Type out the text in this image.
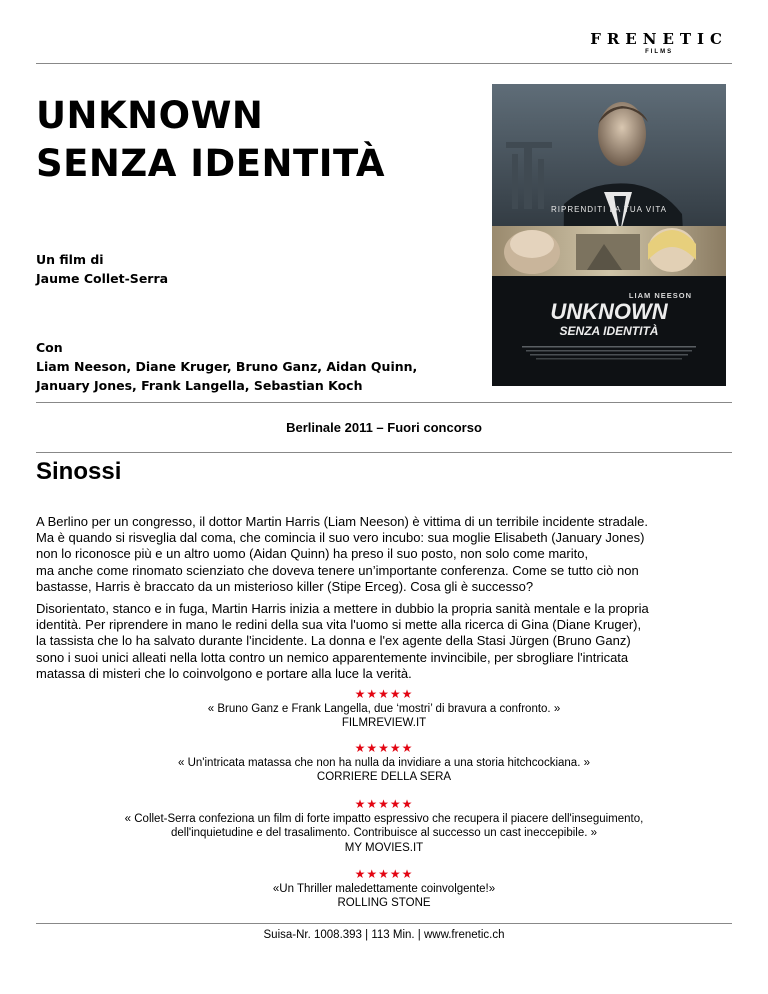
FRENETIC
FILMS
UNKNOWN
SENZA IDENTITÀ
Un film di
Jaume Collet-Serra
Con
Liam Neeson, Diane Kruger, Bruno Ganz, Aidan Quinn,
January Jones, Frank Langella, Sebastian Koch
RIPRENDITI LA TUA VITA
LIAM NEESON
UNKNOWN
SENZA IDENTITÀ
Berlinale 2011 – Fuori concorso
Sinossi
A Berlino per un congresso, il dottor Martin Harris (Liam Neeson) è vittima di un terribile incidente stradale.
Ma è quando si risveglia dal coma, che comincia il suo vero incubo: sua moglie Elisabeth (January Jones)
non lo riconosce più e un altro uomo (Aidan Quinn) ha preso il suo posto, non solo come marito,
ma anche come rinomato scienziato che doveva tenere un’importante conferenza. Come se tutto ciò non
bastasse, Harris è braccato da un misterioso killer (Stipe Erceg). Cosa gli è successo?
Disorientato, stanco e in fuga, Martin Harris inizia a mettere in dubbio la propria sanità mentale e la propria
identità. Per riprendere in mano le redini della sua vita l'uomo si mette alla ricerca di Gina (Diane Kruger),
la tassista che lo ha salvato durante l'incidente. La donna e l'ex agente della Stasi Jürgen (Bruno Ganz)
sono i suoi unici alleati nella lotta contro un nemico apparentemente invincibile, per sbrogliare l'intricata
matassa di misteri che lo coinvolgono e portare alla luce la verità.
★★★★★
« Bruno Ganz e Frank Langella, due ‘mostri’ di bravura a confronto. »
FILMREVIEW.IT
★★★★★
« Un'intricata matassa che non ha nulla da invidiare a una storia hitchcockiana. »
CORRIERE DELLA SERA
★★★★★
« Collet-Serra confeziona un film di forte impatto espressivo che recupera il piacere dell'inseguimento,
dell'inquietudine e del trasalimento. Contribuisce al successo un cast ineccepibile. »
MY MOVIES.IT
★★★★★
«Un Thriller maledettamente coinvolgente!»
ROLLING STONE
Suisa-Nr. 1008.393 | 113 Min. | www.frenetic.ch
